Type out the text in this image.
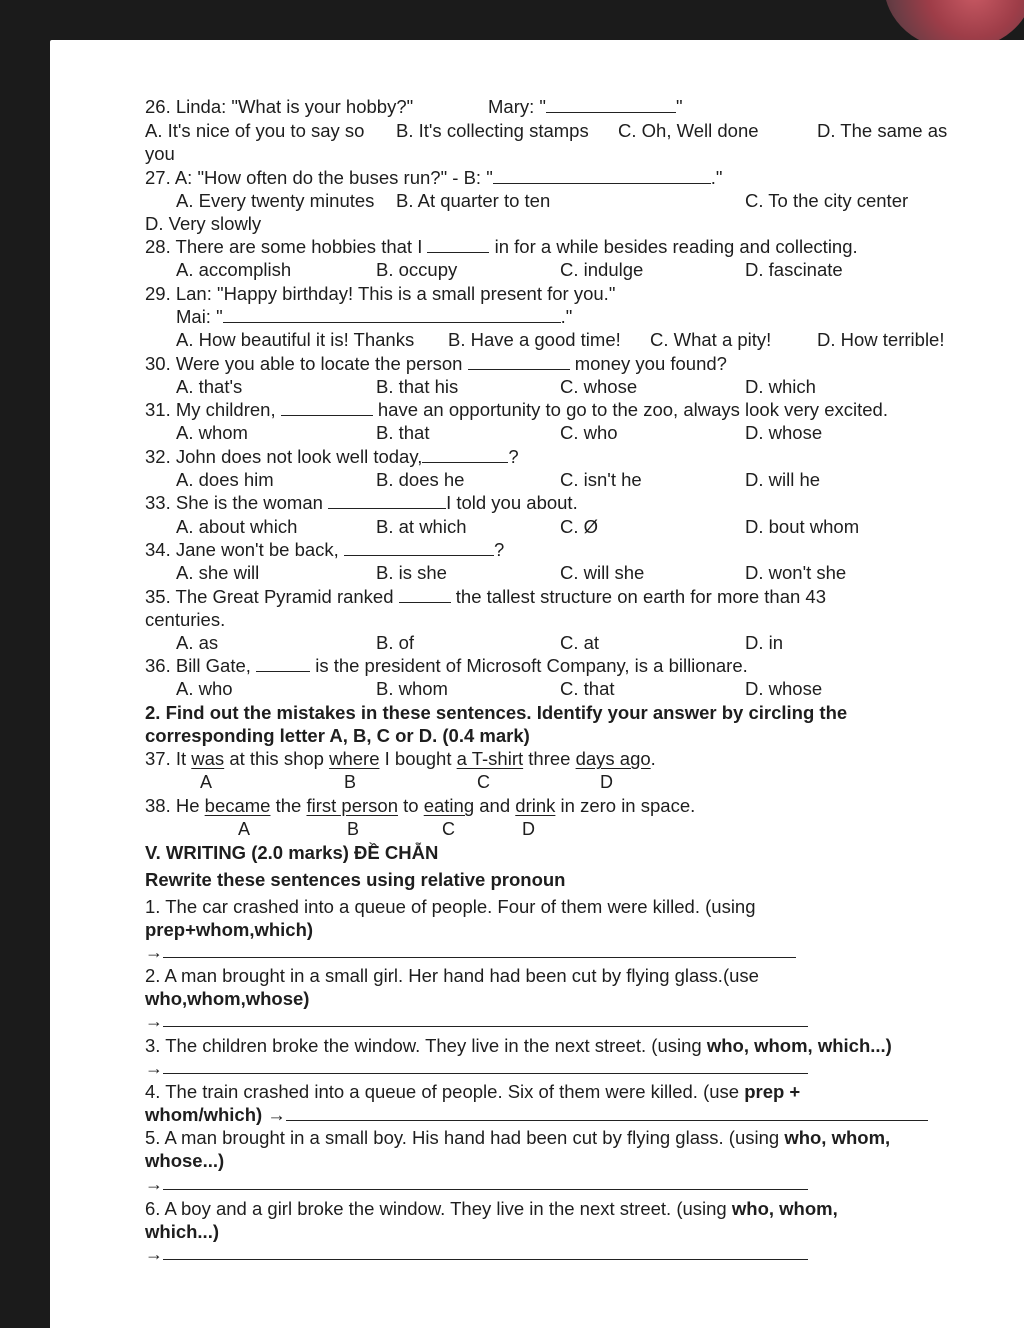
26. Linda: "What is your hobby?"	Mary: "	"
A. It's nice of you to say so B. It's collecting stamps C. Oh, Well done	D. The same as
you
27. A: "How often do the buses run?" - B: "	."
A. Every twenty minutes B. At quarter to ten	C. To the city center
D. Very slowly
28. There are some hobbies that I	in for a while besides reading and collecting.
A. accomplish	B. occupy	C. indulge	D. fascinate
29. Lan: "Happy birthday! This is a small present for you."
Mai: "	."
A. How beautiful it is! Thanks B. Have a good time! C. What a pity! D. How terrible!
30. Were you able to locate the person	money you found?
A. that's	B. that his	C. whose	D. which
31. My children,	have an opportunity to go to the zoo, always look very excited.
A. whom	B. that	C. who	D. whose
32. John does not look well today,	?
A. does him	B. does he	C. isn't he	D. will he
33. She is the woman	I told you about.
A. about which	B. at which	C. Ø	D. bout whom
34. Jane won't be back,	?
A. she will	B. is she	C. will she	D. won't she
35. The Great Pyramid ranked	the tallest structure on earth for more than 43
centuries.
A. as	B. of	C. at	D. in
36. Bill Gate,	is the president of Microsoft Company, is a billionare.
A. who	B. whom	C. that	D. whose
2. Find out the mistakes in these sentences. Identify your answer by circling the
corresponding letter A, B, C or D. (0.4 mark)
37. It was at this shop where I bought a T-shirt three days ago.
A	B	C	D
38. He became the first person to eating and drink in zero in space.
A	B	C	D
V. WRITING (2.0 marks) ĐỀ CHẴN
Rewrite these sentences using relative pronoun
1. The car crashed into a queue of people. Four of them were killed. (using
prep+whom,which)
→
2. A man brought in a small girl. Her hand had been cut by flying glass.(use
who,whom,whose)
→
3. The children broke the window. They live in the next street. (using who, whom, which...)
→
4. The train crashed into a queue of people. Six of them were killed. (use prep +
whom/which) →
5. A man brought in a small boy. His hand had been cut by flying glass. (using who, whom,
whose...)
→
6. A boy and a girl broke the window. They live in the next street. (using who, whom,
which...)
→
